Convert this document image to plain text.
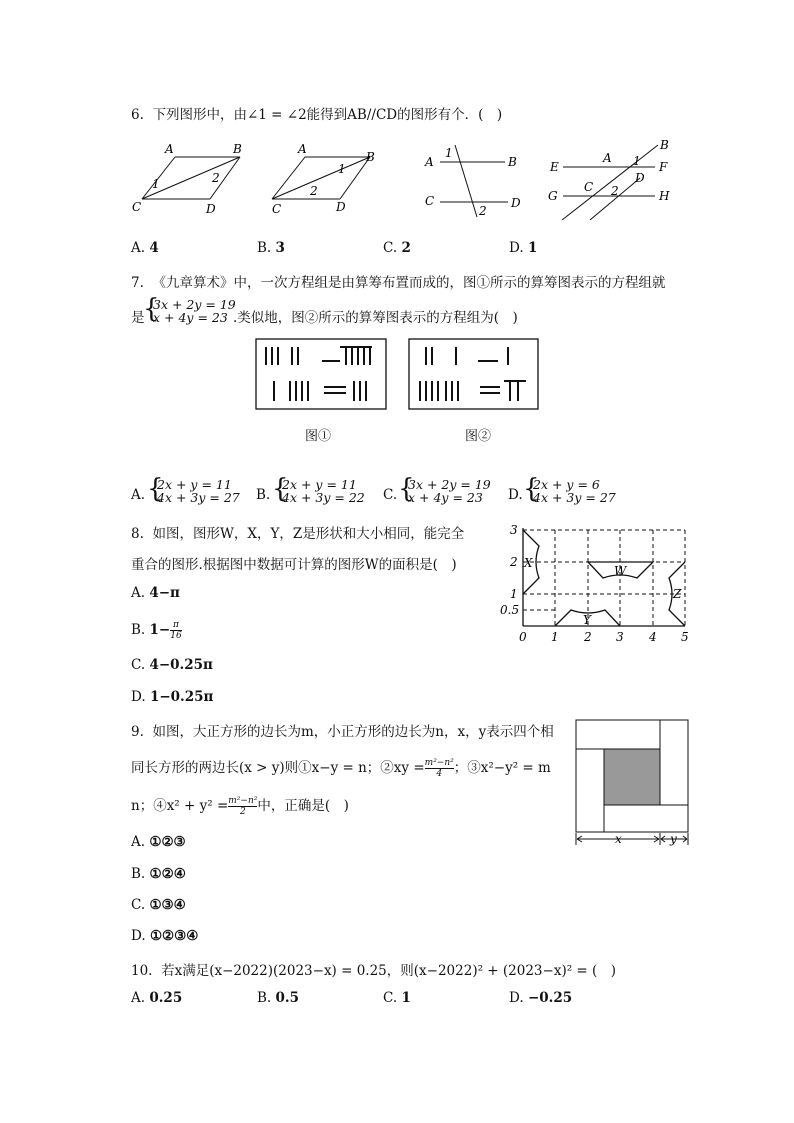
6. 下列图形中，由∠1 = ∠2能得到AB//CD的图形有个．(　)
A	B
C	D
1	2
A
B
C	D
1
2
A	B
C	D
1
2
B
A
E	F
D
C
G	H
1
2
A. 4	B. 3	C. 2	D. 1
7. 《九章算术》中，一次方程组是由算筹布置而成的，图①所示的算筹图表示的方程组就
是
{
3x + 2y = 19
x + 4y = 23 .类似地，图②所示的算筹图表示的方程组为(　)
图①	图②
A. {
2x + y = 11
4x + 3y = 27 B. {
2x + y = 11
4x + 3y = 22 C. {
3x + 2y = 19
x + 4y = 23	D. {
2x + y = 6
4x + 3y = 27
8. 如图，图形W，X，Y，Z是形状和大小相同，能完全
重合的图形.根据图中数据可计算的图形W的面积是(　)
A. 4−π
B. $1- \frac{\pi}{16}$
C. 4−0.25π
D. 1−0.25π
3
2
1
0.5
0 1 2 3 4 5
X
W
Y
Z
9. 如图，大正方形的边长为m，小正方形的边长为n，x，y表示四个相
同长方形的两边长(x > y)则①x−y = n；②xy = $\frac{\text{m²−n²}}{4}$ ；③x²−y² = m
n；④x² + $y^2 = \frac{\text{m²−n²}}{2}$ 中，正确是(　)
A. ①②③
B. ①②④
C. ①③④
D. ①②③④
x	y
10. 若x满足(x−2022)(2023−x) = 0.25，则(x−2022)² + (2023−x)² = (　)
A. 0.25	B. 0.5	C. 1	D. −0.25
